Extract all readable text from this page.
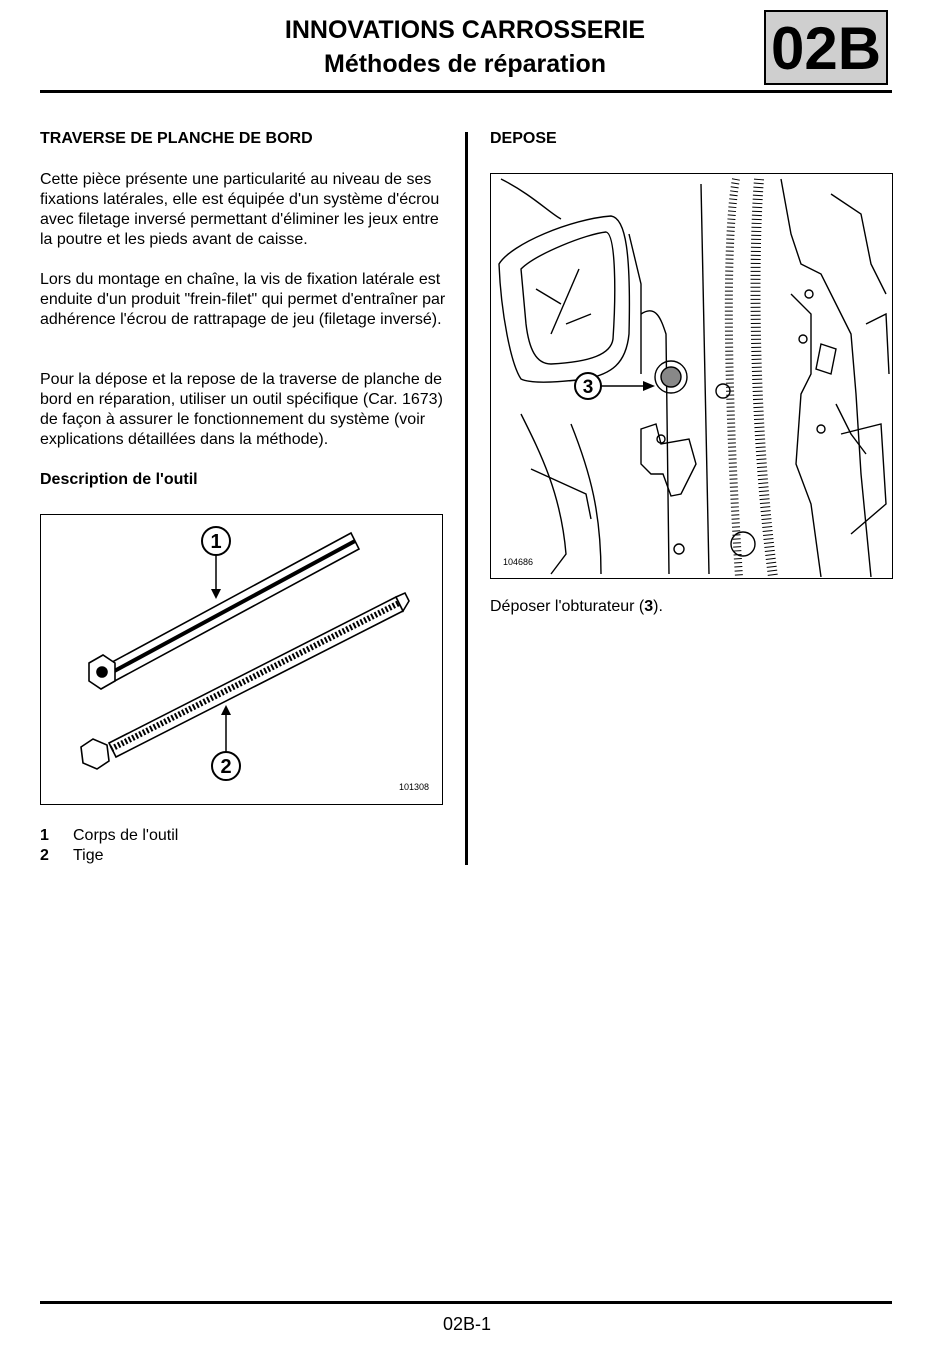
INNOVATIONS CARROSSERIE
Méthodes de réparation	02B
TRAVERSE DE PLANCHE DE BORD
Cette pièce présente une particularité au niveau de ses fixations latérales, elle est équipée d'un système d'écrou avec filetage inversé permettant d'éliminer les jeux entre la poutre et les pieds avant de caisse.
Lors du montage en chaîne, la vis de fixation latérale est enduite d'un produit "frein-filet" qui permet d'entraîner par adhérence l'écrou de rattrapage de jeu (filetage inversé).
Pour la dépose et la repose de la traverse de planche de bord en réparation, utiliser un outil spécifique (Car. 1673) de façon à assurer le fonctionnement du système (voir explications détaillées dans la méthode).
Description de l'outil
1
2
101308
1 Corps de l'outil
2 Tige
DEPOSE
3
104686
Déposer l'obturateur (3).
02B-1
